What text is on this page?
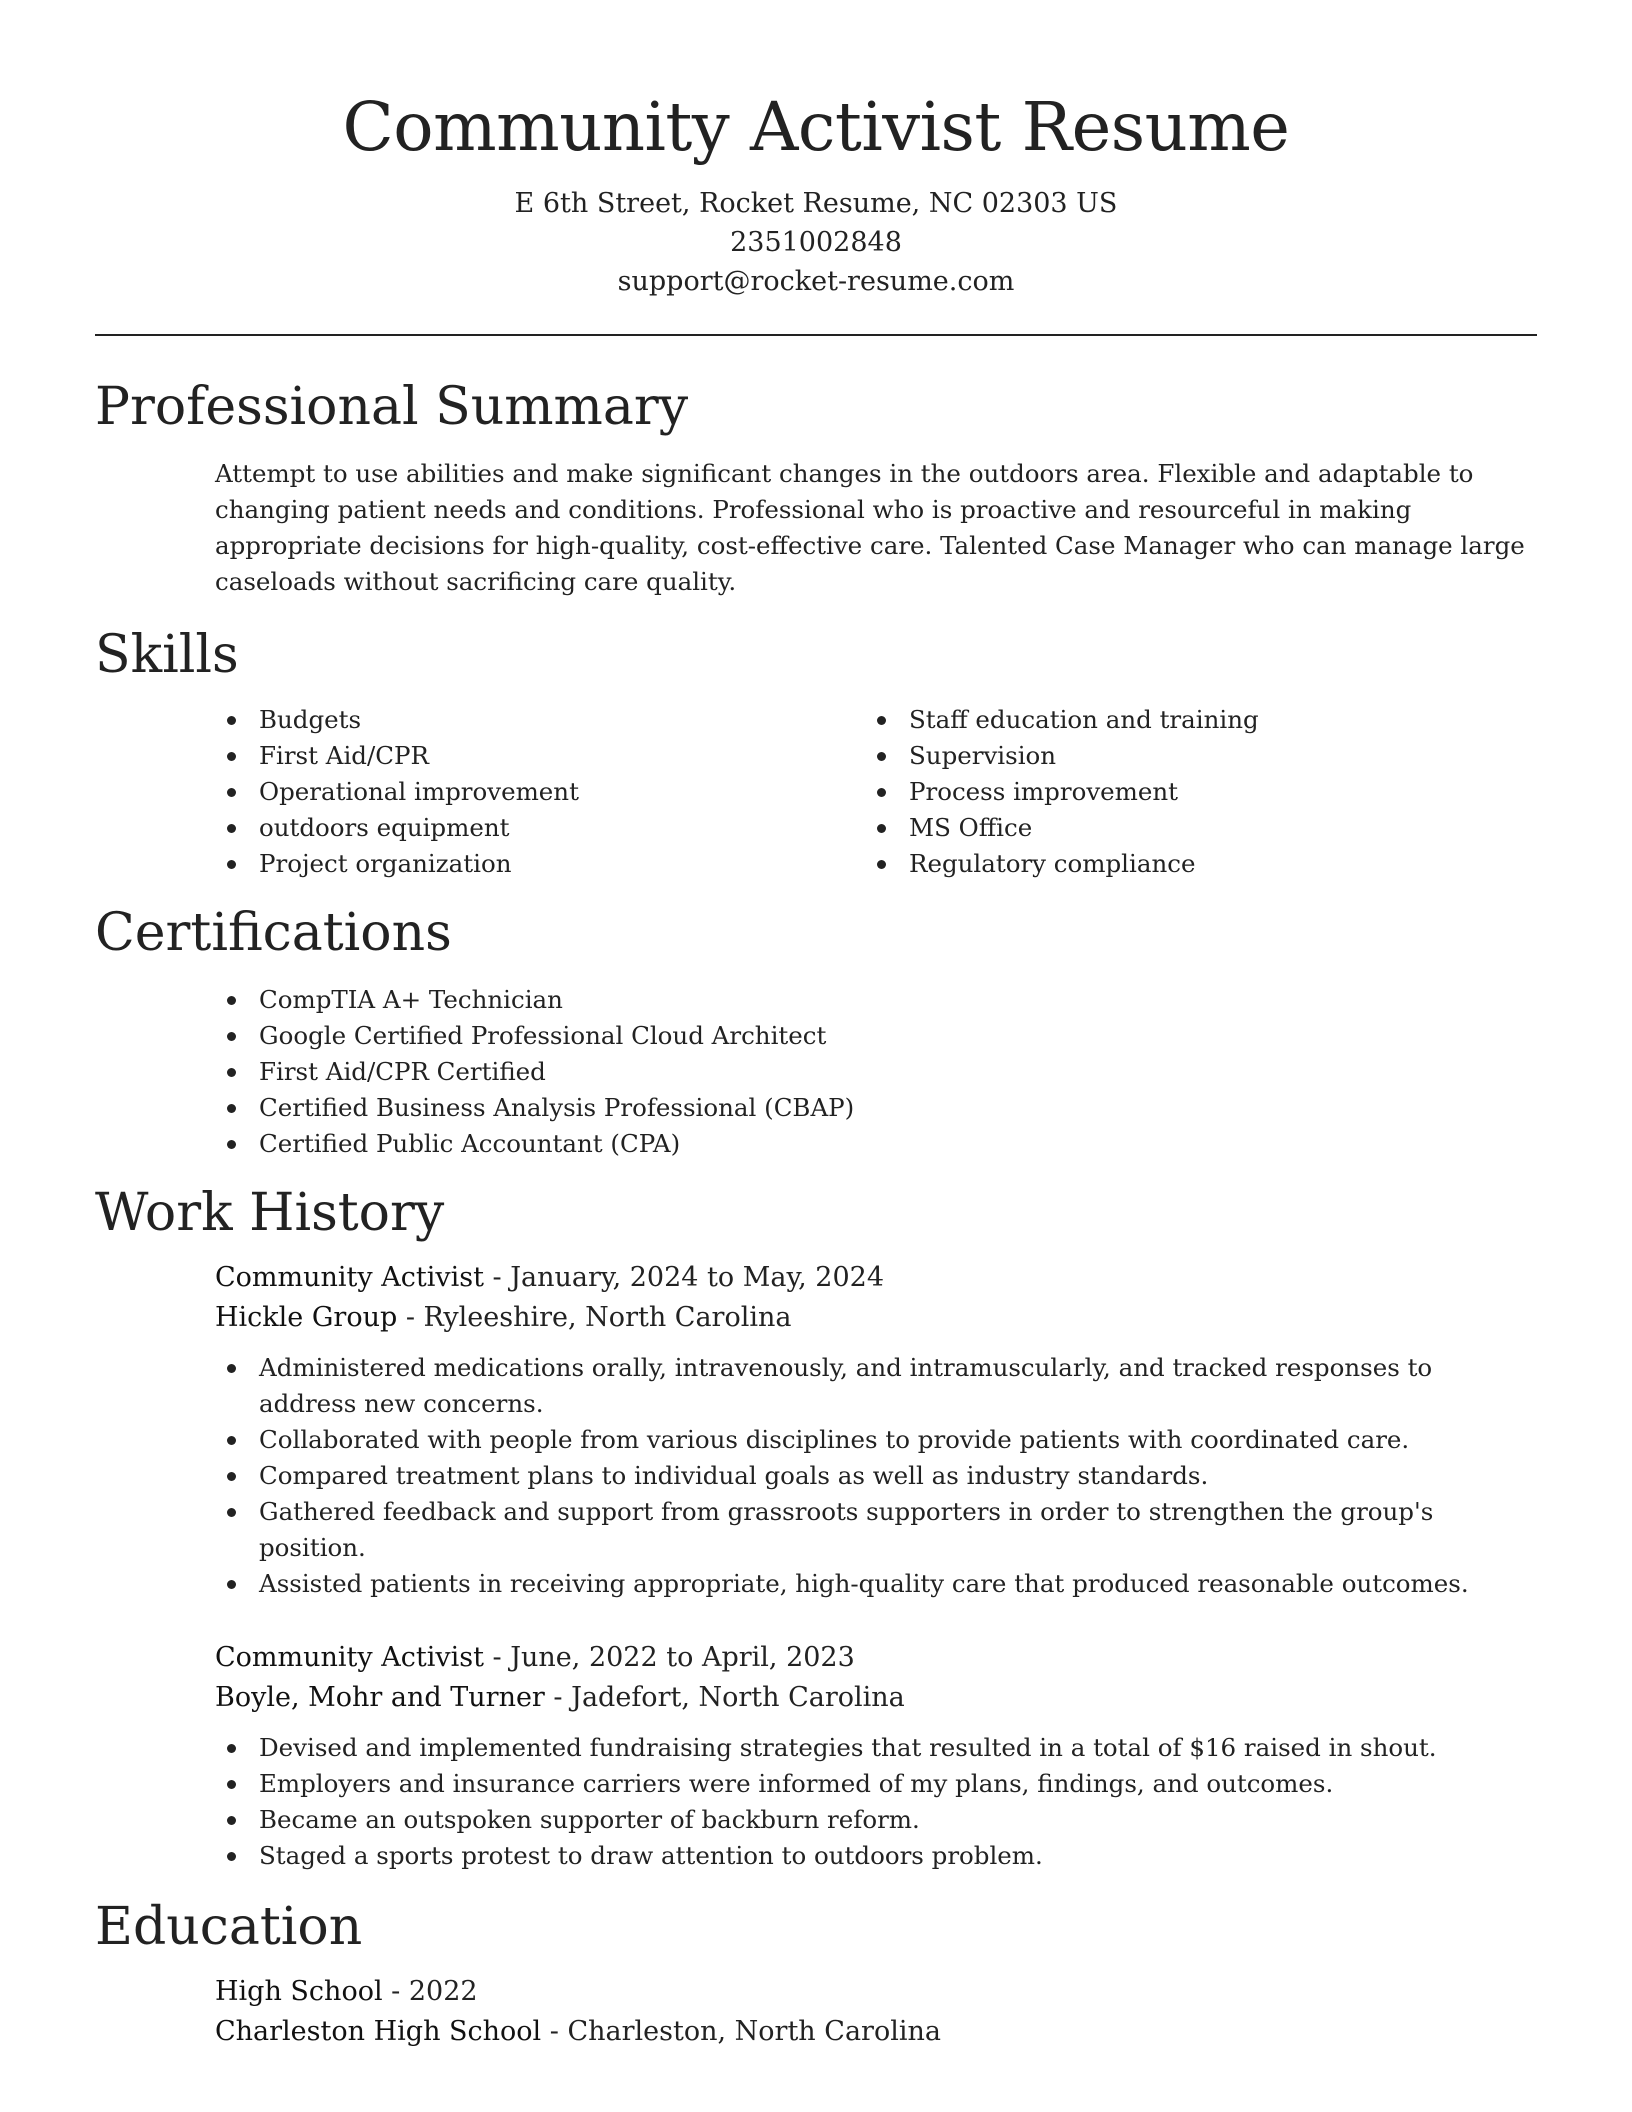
Community Activist Resume
E 6th Street, Rocket Resume, NC 02303 US
2351002848
support@rocket-resume.com
Professional Summary

Attempt to use abilities and make significant changes in the outdoors area. Flexible and adaptable to changing patient needs and conditions. Professional who is proactive and resourceful in making appropriate decisions for high-quality, cost-effective care. Talented Case Manager who can manage large caseloads without sacrificing care quality.

Skills
Budgets
First Aid/CPR
Operational improvement
outdoors equipment
Project organization
Staff education and training
Supervision
Process improvement
MS Office
Regulatory compliance
Certifications
CompTIA A+ Technician
Google Certified Professional Cloud Architect
First Aid/CPR Certified
Certified Business Analysis Professional (CBAP)
Certified Public Accountant (CPA)
Work History
Community Activist - January, 2024 to May, 2024
Hickle Group - Ryleeshire, North Carolina
Administered medications orally, intravenously, and intramuscularly, and tracked responses to address new concerns.
Collaborated with people from various disciplines to provide patients with coordinated care.
Compared treatment plans to individual goals as well as industry standards.
Gathered feedback and support from grassroots supporters in order to strengthen the group's position.
Assisted patients in receiving appropriate, high-quality care that produced reasonable outcomes.
Community Activist - June, 2022 to April, 2023
Boyle, Mohr and Turner - Jadefort, North Carolina
Devised and implemented fundraising strategies that resulted in a total of $16 raised in shout.
Employers and insurance carriers were informed of my plans, findings, and outcomes.
Became an outspoken supporter of backburn reform.
Staged a sports protest to draw attention to outdoors problem.
Education
High School - 2022
Charleston High School - Charleston, North Carolina
